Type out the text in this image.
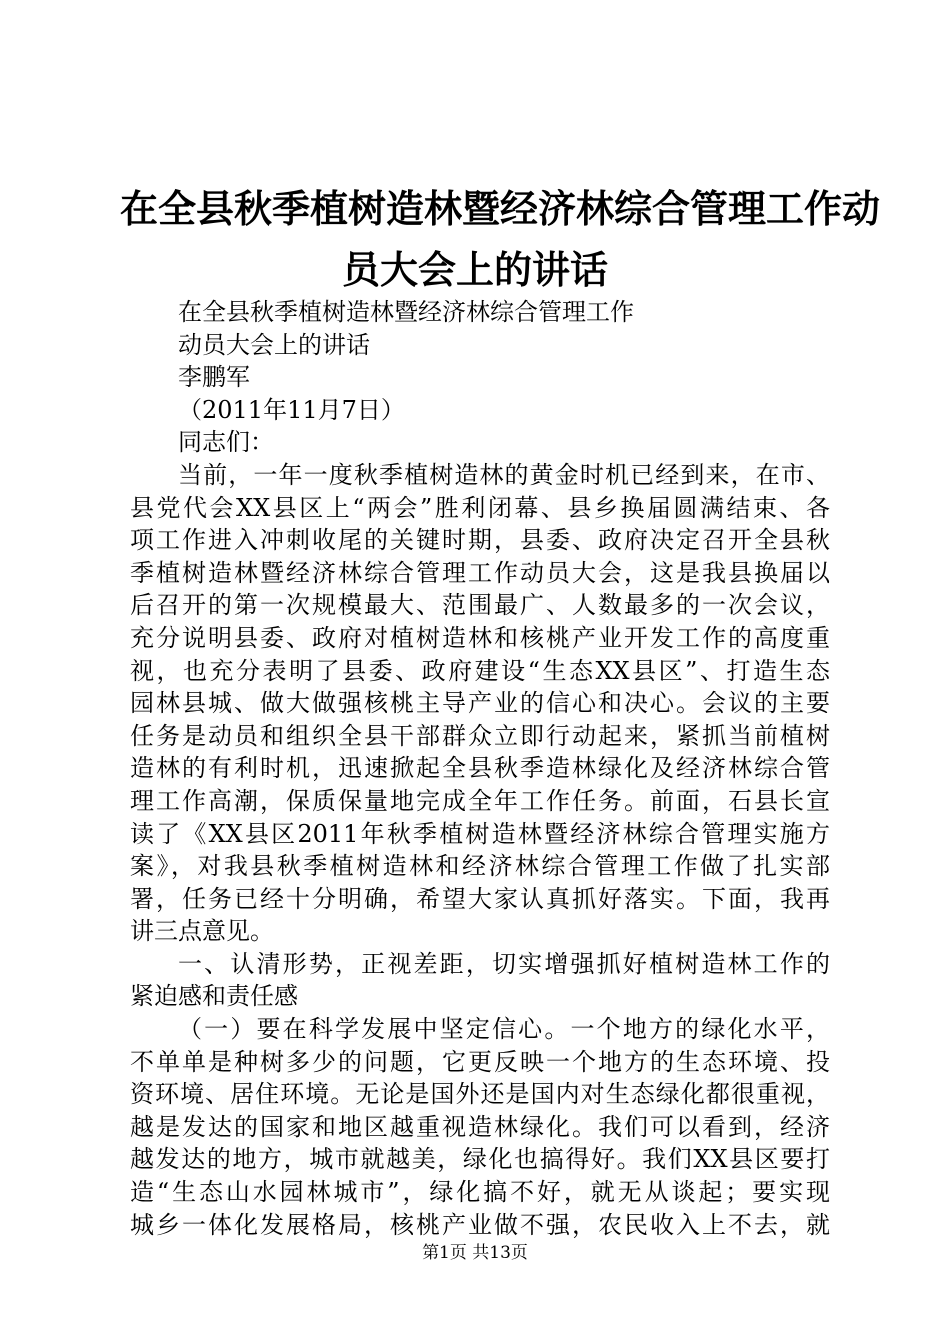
在全县秋季植树造林暨经济林综合管理工作动
员大会上的讲话
在全县秋季植树造林暨经济林综合管理工作
动员大会上的讲话
李鹏军
（2011年11月7日）
同志们：
当前，一年一度秋季植树造林的黄金时机已经到来，在市、
县党代会XX县区上“两会”胜利闭幕、县乡换届圆满结束、各
项工作进入冲刺收尾的关键时期，县委、政府决定召开全县秋
季植树造林暨经济林综合管理工作动员大会，这是我县换届以
后召开的第一次规模最大、范围最广、人数最多的一次会议，
充分说明县委、政府对植树造林和核桃产业开发工作的高度重
视，也充分表明了县委、政府建设“生态XX县区”、打造生态
园林县城、做大做强核桃主导产业的信心和决心。会议的主要
任务是动员和组织全县干部群众立即行动起来，紧抓当前植树
造林的有利时机，迅速掀起全县秋季造林绿化及经济林综合管
理工作高潮，保质保量地完成全年工作任务。前面，石县长宣
读了《XX县区2011年秋季植树造林暨经济林综合管理实施方
案》，对我县秋季植树造林和经济林综合管理工作做了扎实部
署，任务已经十分明确，希望大家认真抓好落实。下面，我再
讲三点意见。
一、认清形势，正视差距，切实增强抓好植树造林工作的
紧迫感和责任感
（一）要在科学发展中坚定信心。一个地方的绿化水平，
不单单是种树多少的问题，它更反映一个地方的生态环境、投
资环境、居住环境。无论是国外还是国内对生态绿化都很重视，
越是发达的国家和地区越重视造林绿化。我们可以看到，经济
越发达的地方，城市就越美，绿化也搞得好。我们XX县区要打
造“生态山水园林城市”，绿化搞不好，就无从谈起；要实现
城乡一体化发展格局，核桃产业做不强，农民收入上不去，就
第1页 共13页
